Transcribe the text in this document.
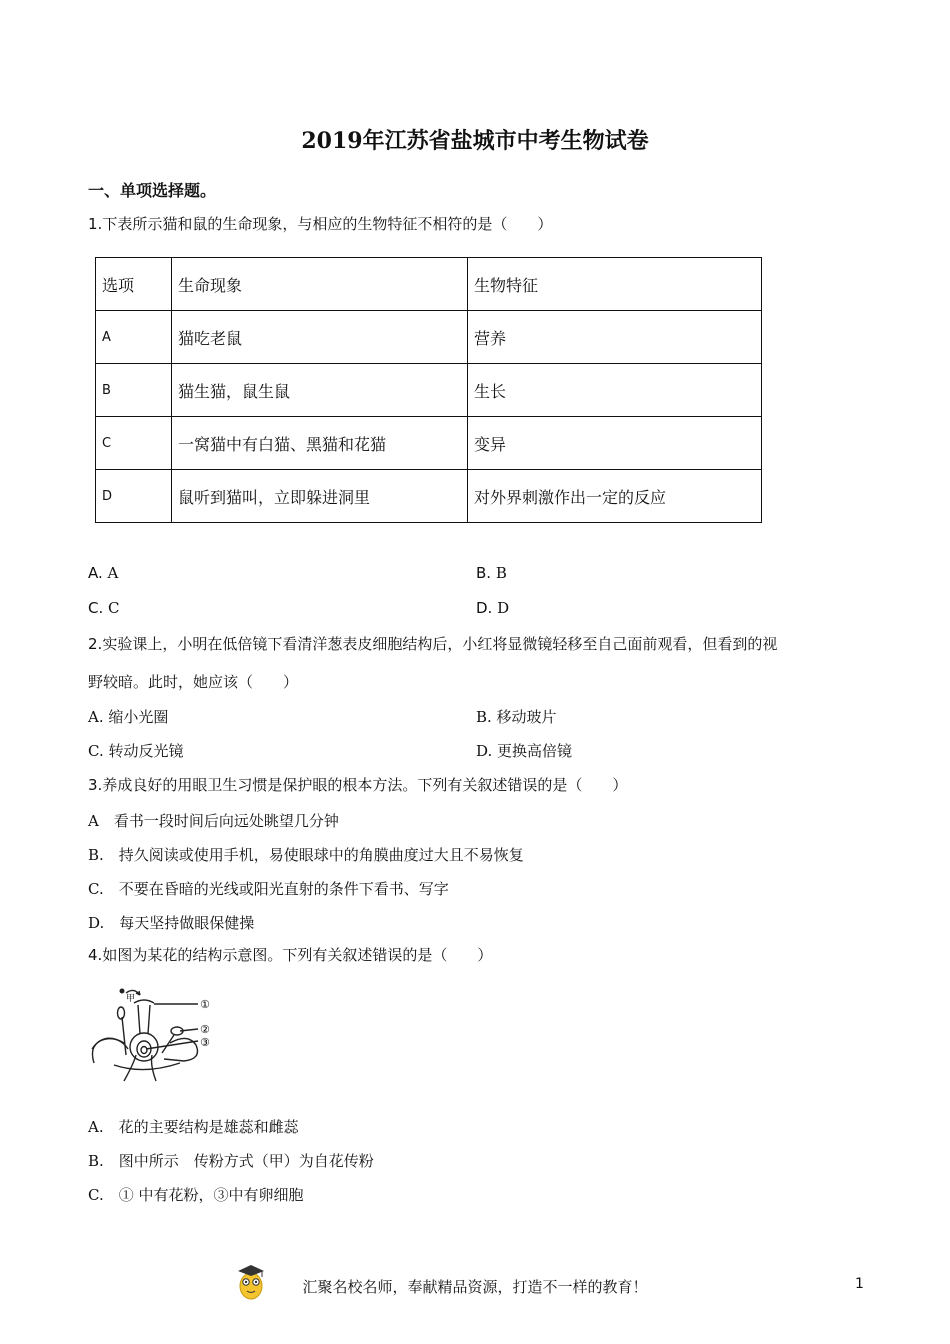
2019年江苏省盐城市中考生物试卷
一、单项选择题。
1.下表所示猫和鼠的生命现象，与相应的生物特征不相符的是（　　）
选项	生命现象	生物特征
A	猫吃老鼠	营养
B	猫生猫，鼠生鼠	生长
C	一窝猫中有白猫、黑猫和花猫	变异
D	鼠听到猫叫，立即躲进洞里	对外界刺激作出一定的反应
A. A	B. B
C. C	D. D
2.实验课上，小明在低倍镜下看清洋葱表皮细胞结构后，小红将显微镜轻移至自己面前观看，但看到的视
野较暗。此时，她应该（　　）
A. 缩小光圈	B. 移动玻片
C. 转动反光镜	D. 更换高倍镜
3.养成良好的用眼卫生习惯是保护眼的根本方法。下列有关叙述错误的是（　　）
A　看书一段时间后向远处眺望几分钟
B.　持久阅读或使用手机，易使眼球中的角膜曲度过大且不易恢复
C.　不要在昏暗的光线或阳光直射的条件下看书、写字
D.　每天坚持做眼保健操
4.如图为某花的结构示意图。下列有关叙述错误的是（　　）
甲	①
②
③
A.　花的主要结构是雄蕊和雌蕊
B.　图中所示　传粉方式（甲）为自花传粉
C.　① 中有花粉，③中有卵细胞
汇聚名校名师，奉献精品资源，打造不一样的教育！	1
